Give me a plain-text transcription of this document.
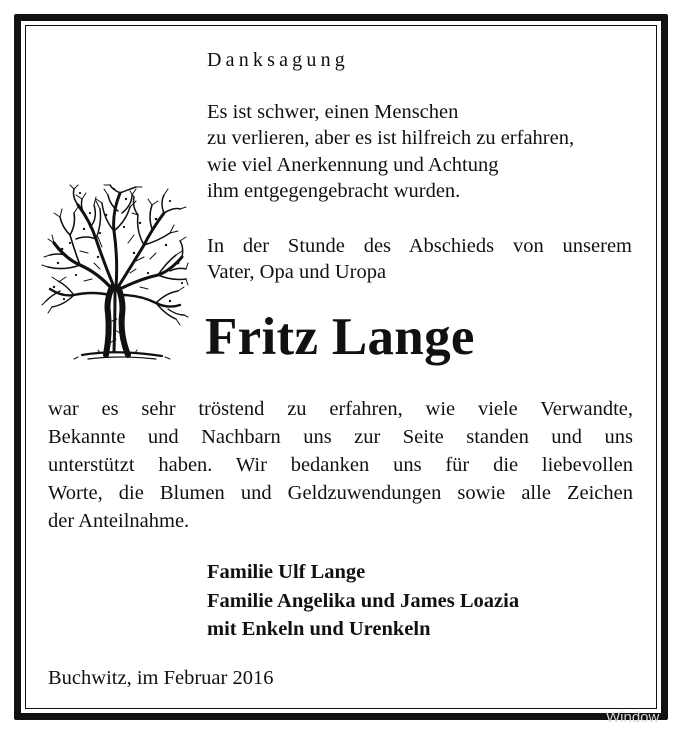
Danksagung
Es ist schwer, einen Menschen
zu verlieren, aber es ist hilfreich zu erfahren,
wie viel Anerkennung und Achtung
ihm entgegengebracht wurden.
In der Stunde des Abschieds von unserem
Vater, Opa und Uropa
Fritz Lange
war es sehr tröstend zu erfahren, wie viele Verwandte,
Bekannte und Nachbarn uns zur Seite standen und uns
unterstützt haben. Wir bedanken uns für die liebevollen
Worte, die Blumen und Geldzuwendungen sowie alle Zeichen
der Anteilnahme.
Familie Ulf Lange
Familie Angelika und James Loazia
mit Enkeln und Urenkeln
Buchwitz, im Februar 2016
Window
